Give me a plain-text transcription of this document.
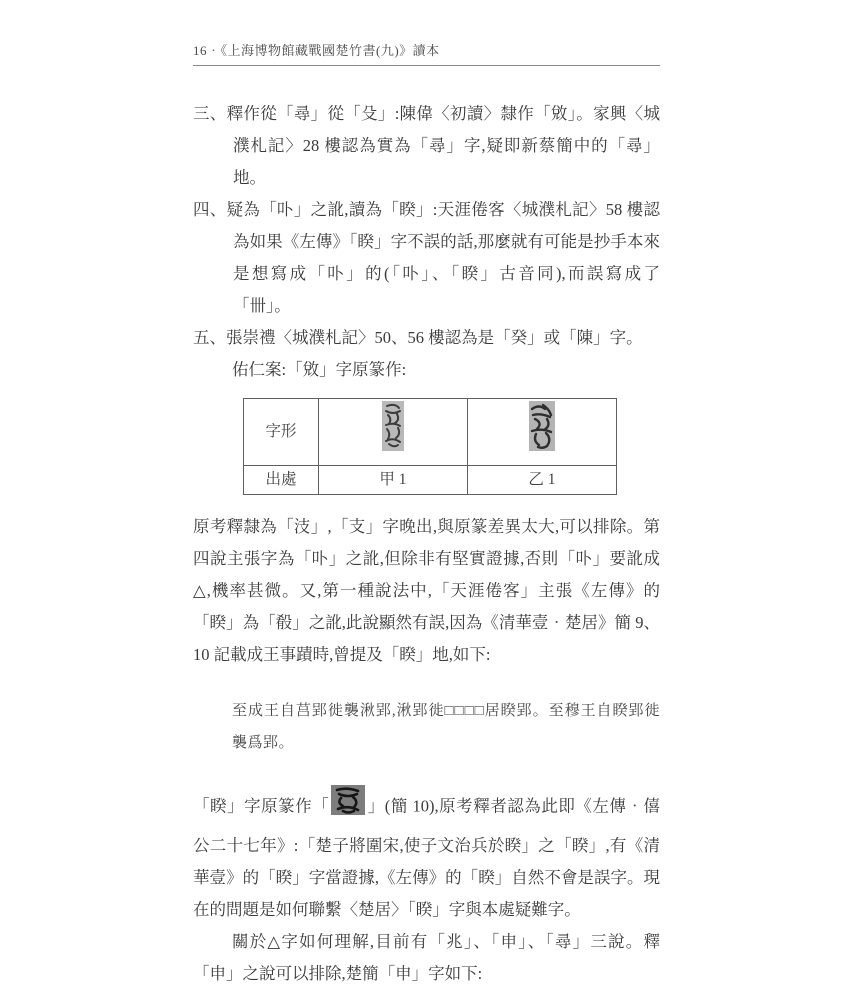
16‧《上海博物館藏戰國楚竹書(九)》讀本

三、釋作從「尋」從「殳」:陳偉〈初讀〉隸作「敓」。家興〈城濮札記〉28 樓認為實為「尋」字,疑即新蔡簡中的「尋」地。

四、疑為「卟」之訛,讀為「睽」:天涯倦客〈城濮札記〉58 樓認為如果《左傳》「睽」字不誤的話,那麼就有可能是抄手本來是想寫成「卟」的(「卟」、「睽」古音同),而誤寫成了「卌」。

五、張崇禮〈城濮札記〉50、56 樓認為是「癸」或「陳」字。

佑仁案:「敓」字原篆作:

字形		
出處	甲 1	乙 1

原考釋隸為「汥」,「支」字晚出,與原篆差異太大,可以排除。第四說主張字為「卟」之訛,但除非有堅實證據,否則「卟」要訛成△,機率甚微。又,第一種說法中,「天涯倦客」主張《左傳》的「睽」為「殽」之訛,此說顯然有誤,因為《清華壹‧楚居》簡 9、10 記載成王事蹟時,曾提及「睽」地,如下:

至成王自莒郢徙襲湫郢,湫郢徙□□□□居睽郢。至穆王自睽郢徙襲爲郢。

「睽」字原篆作「 」(簡 10),原考釋者認為此即《左傳‧僖公二十七年》:「楚子將圍宋,使子文治兵於睽」之「睽」,有《清華壹》的「睽」字當證據,《左傳》的「睽」自然不會是誤字。現在的問題是如何聯繫〈楚居〉「睽」字與本處疑難字。

關於△字如何理解,目前有「兆」、「申」、「尋」三說。釋「申」之說可以排除,楚簡「申」字如下:
